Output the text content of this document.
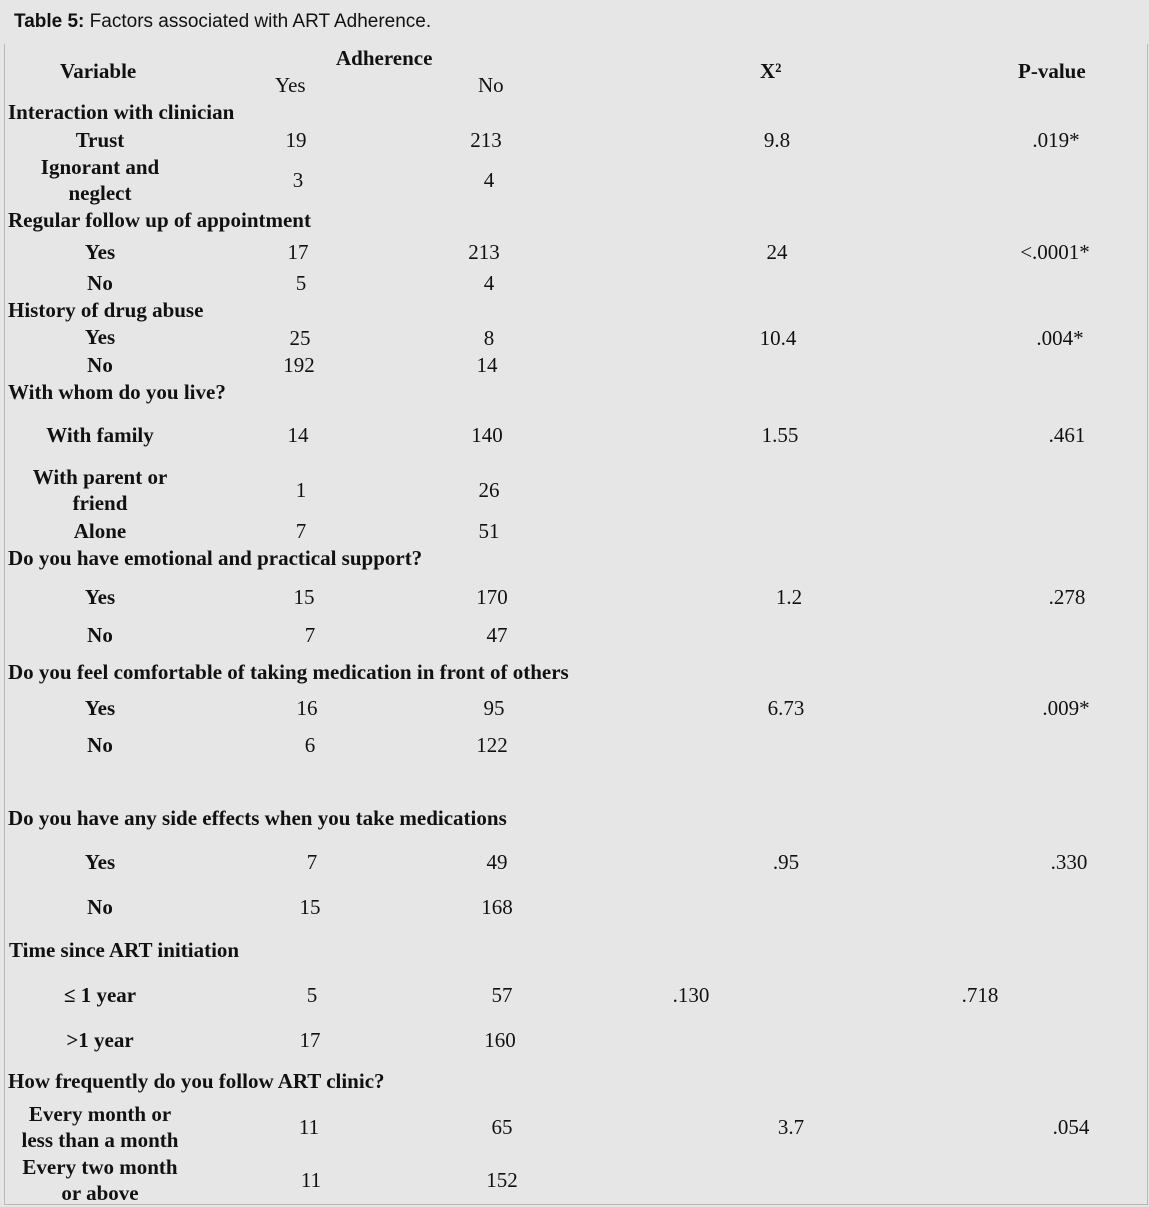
Table 5: Factors associated with ART Adherence.
Variable
Adherence
Yes	No
X²	P-value
Interaction with clinician
Trust	19	213	9.8	.019*
Ignorant and
neglect
3	4
Regular follow up of appointment
Yes	17	213	24	<.0001*
No	5	4
History of drug abuse
Yes	25	8	10.4	.004*
No	192	14
With whom do you live?
With family	14	140	1.55	.461
With parent or
friend
1	26
Alone	7	51
Do you have emotional and practical support?
Yes	15	170	1.2	.278
No	7	47
Do you feel comfortable of taking medication in front of others
Yes	16	95	6.73	.009*
No	6	122
Do you have any side effects when you take medications
Yes	7	49	.95	.330
No	15	168
Time since ART initiation
≤ 1 year	5	57	.130	.718
>1 year	17	160
How frequently do you follow ART clinic?
Every month or
less than a month
11	65	3.7	.054
Every two month
or above
11	152
